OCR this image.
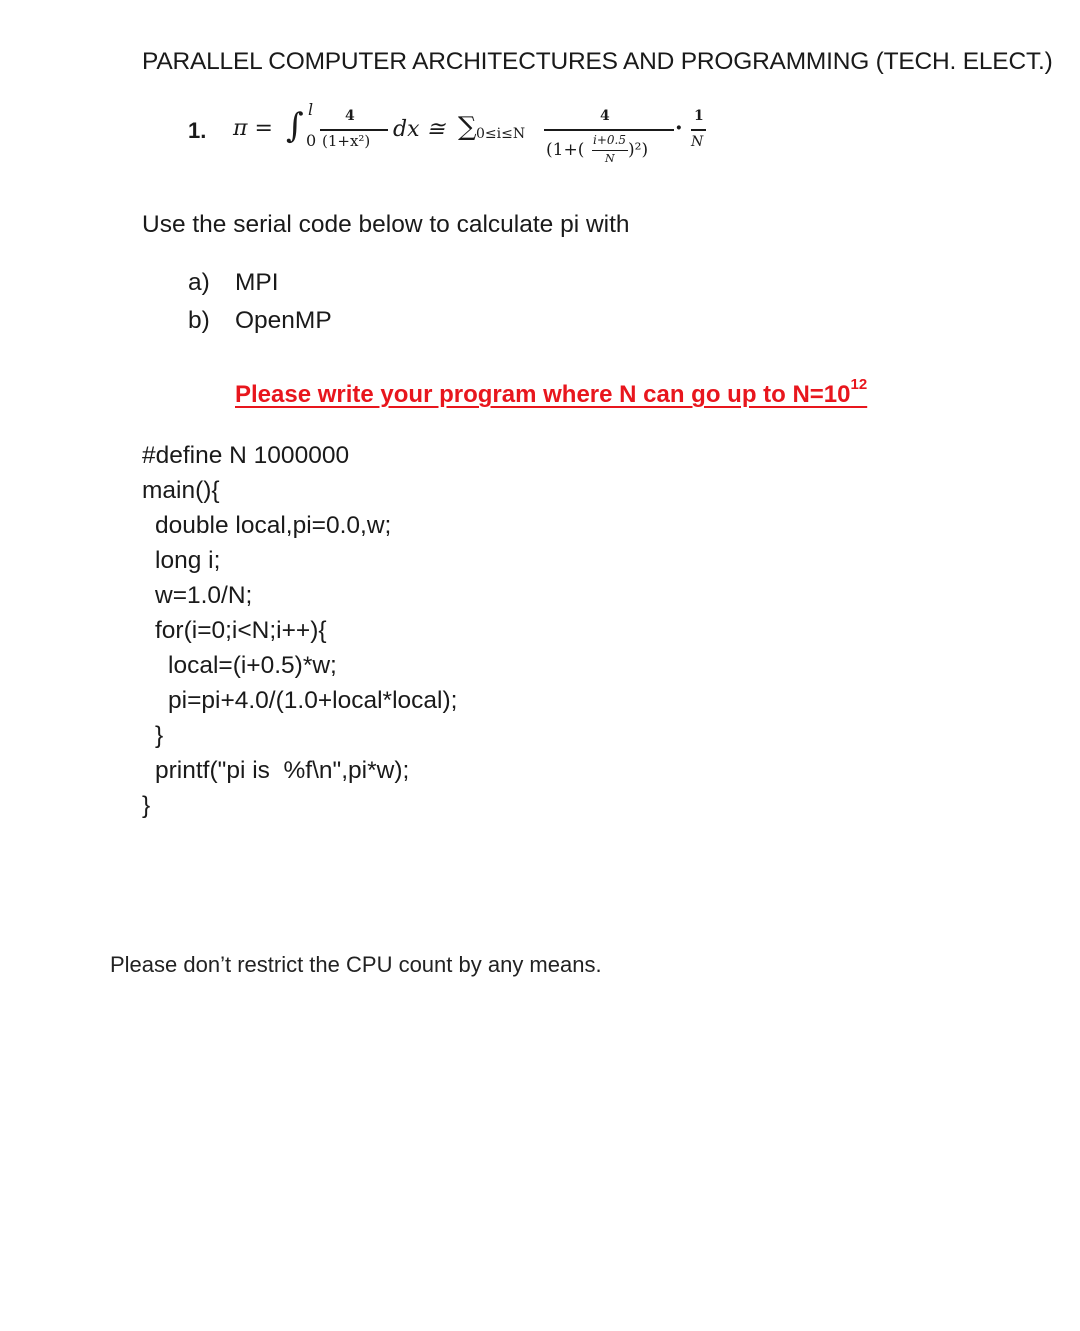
PARALLEL COMPUTER ARCHITECTURES AND PROGRAMMING (TECH. ELECT.)

1.

π =

∫

l

0

4

(1+x²)

dx ≅

∑

0≤i≤N

4

(1+(

i+0.5

N

)²)

·

1

N

Use the serial code below to calculate pi with
a) MPI
b) OpenMP
Please write your program where N can go up to $N=10^{12}$
#define N 1000000
main(){
double local,pi=0.0,w;
long i;
w=1.0/N;
for(i=0;i<N;i++){
local=(i+0.5)*w;
pi=pi+4.0/(1.0+local*local);
}
printf("pi is  %f\n",pi*w);
}
Please don’t restrict the CPU count by any means.
